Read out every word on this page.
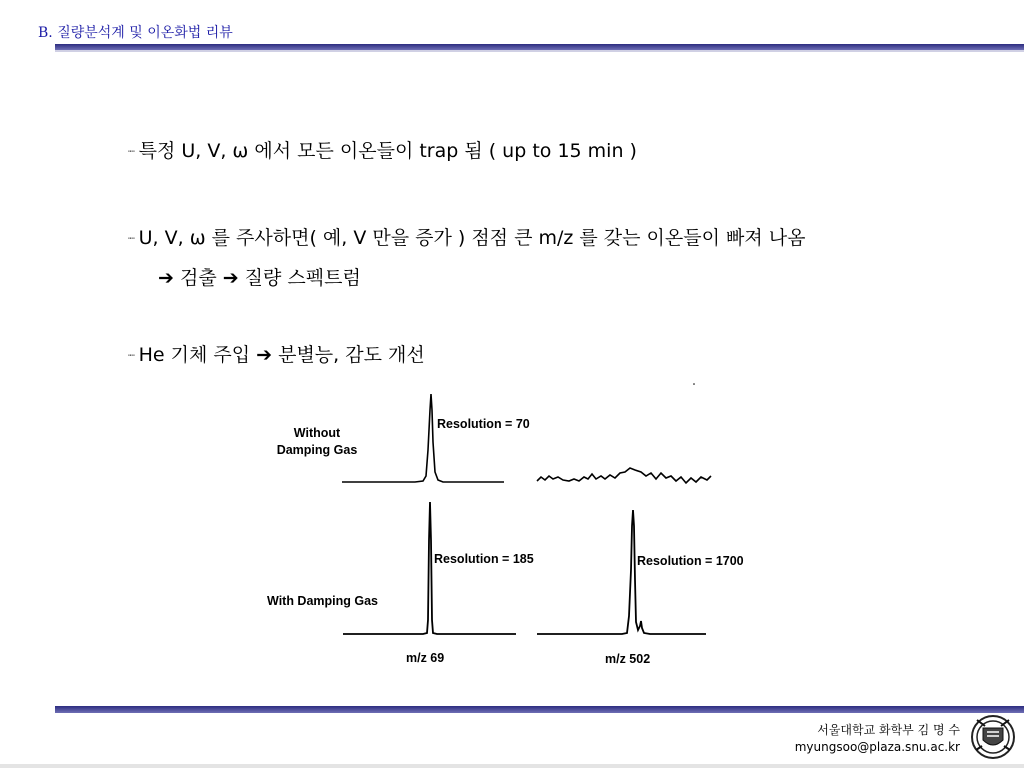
B. 질량분석계 및 이온화법 리뷰
┈ 특정 U, V, ω 에서 모든 이온들이 trap 됨 ( up to 15 min )
┈ U, V, ω 를 주사하면( 예, V 만을 증가 ) 점점 큰 m/z 를 갖는 이온들이 빠져 나옴
➔ 검출 ➔ 질량 스펙트럼
┈ He 기체 주입 ➔ 분별능, 감도 개선
Without
Damping Gas
With Damping Gas
Resolution = 70
Resolution = 185	Resolution = 1700
m/z 69	m/z 502
서울대학교 화학부 김 명 수
myungsoo@plaza.snu.ac.kr
